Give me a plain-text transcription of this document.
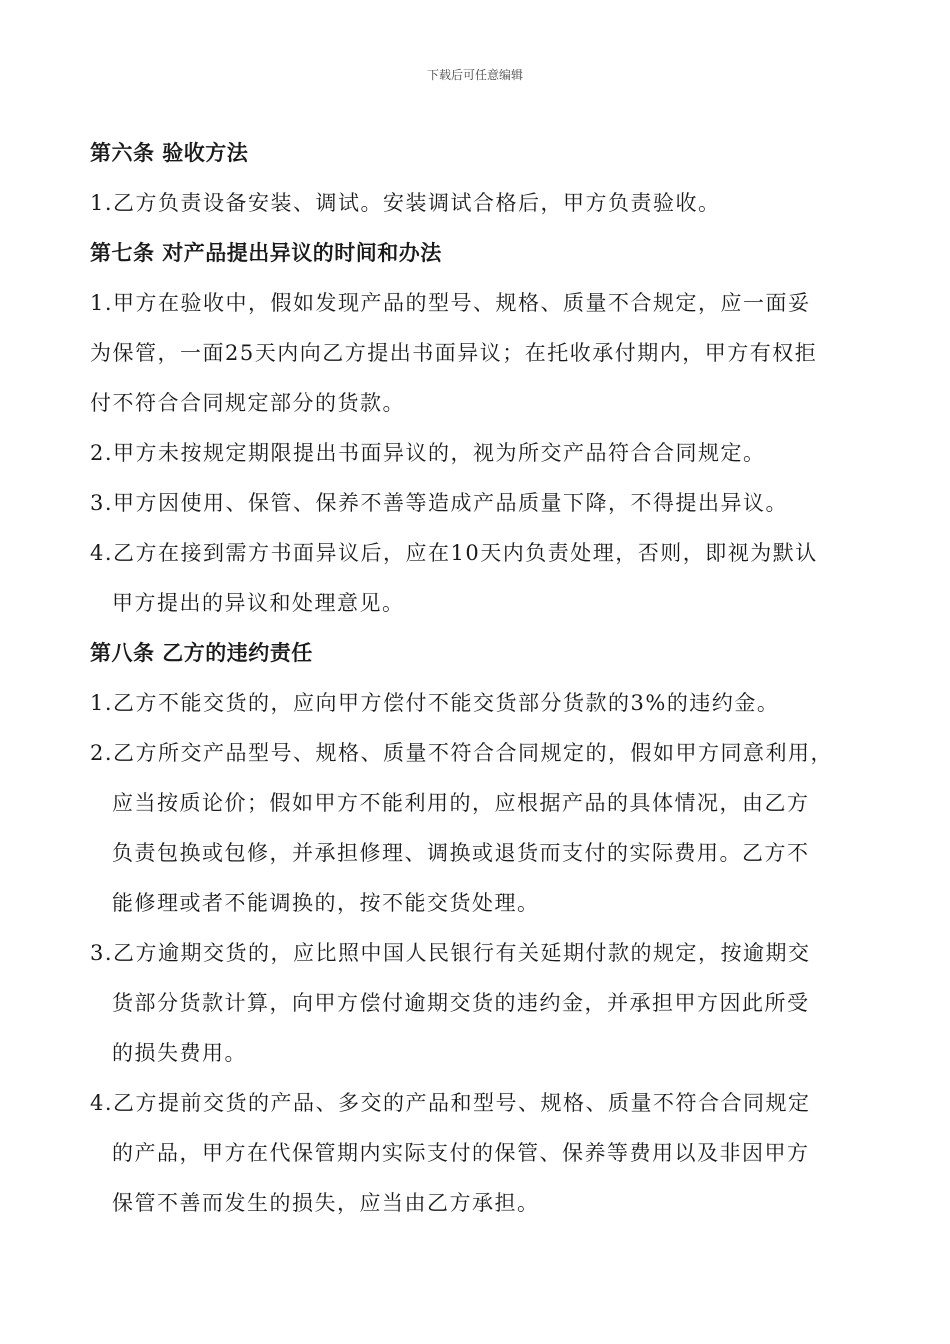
下载后可任意编辑
第六条 验收方法
1.乙方负责设备安装、调试。安装调试合格后，甲方负责验收。
第七条 对产品提出异议的时间和办法
1.甲方在验收中，假如发现产品的型号、规格、质量不合规定，应一面妥
为保管，一面25天内向乙方提出书面异议；在托收承付期内，甲方有权拒
付不符合合同规定部分的货款。
2.甲方未按规定期限提出书面异议的，视为所交产品符合合同规定。
3.甲方因使用、保管、保养不善等造成产品质量下降，不得提出异议。
4.乙方在接到需方书面异议后，应在10天内负责处理，否则，即视为默认
甲方提出的异议和处理意见。
第八条 乙方的违约责任
1.乙方不能交货的，应向甲方偿付不能交货部分货款的3%的违约金。
2.乙方所交产品型号、规格、质量不符合合同规定的，假如甲方同意利用，
应当按质论价；假如甲方不能利用的，应根据产品的具体情况，由乙方
负责包换或包修，并承担修理、调换或退货而支付的实际费用。乙方不
能修理或者不能调换的，按不能交货处理。
3.乙方逾期交货的，应比照中国人民银行有关延期付款的规定，按逾期交
货部分货款计算，向甲方偿付逾期交货的违约金，并承担甲方因此所受
的损失费用。
4.乙方提前交货的产品、多交的产品和型号、规格、质量不符合合同规定
的产品，甲方在代保管期内实际支付的保管、保养等费用以及非因甲方
保管不善而发生的损失，应当由乙方承担。
